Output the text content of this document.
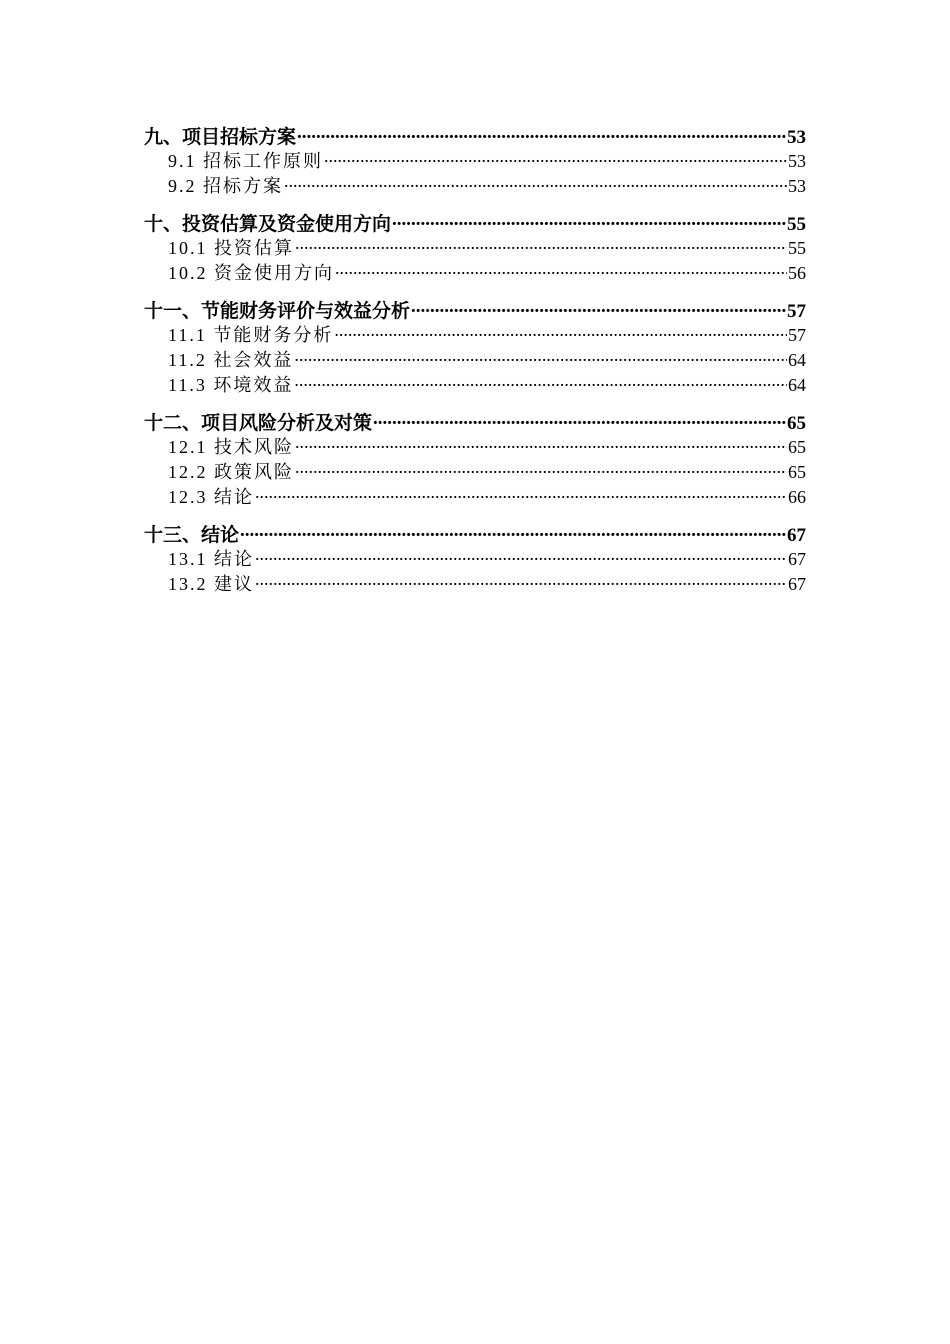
九、项目招标方案 .....	53
9.1 招标工作原则 .....	53
9.2 招标方案 .....	53
十、投资估算及资金使用方向 .....	55
10.1 投资估算 .....	55
10.2 资金使用方向 .....	56
十一、节能财务评价与效益分析 .....	57
11.1 节能财务分析 .....	57
11.2 社会效益 .....	64
11.3 环境效益 .....	64
十二、项目风险分析及对策 .....	65
12.1 技术风险 .....	65
12.2 政策风险 .....	65
12.3 结论 .....	66
十三、结论 .....	67
13.1 结论 .....	67
13.2 建议 .....	67
